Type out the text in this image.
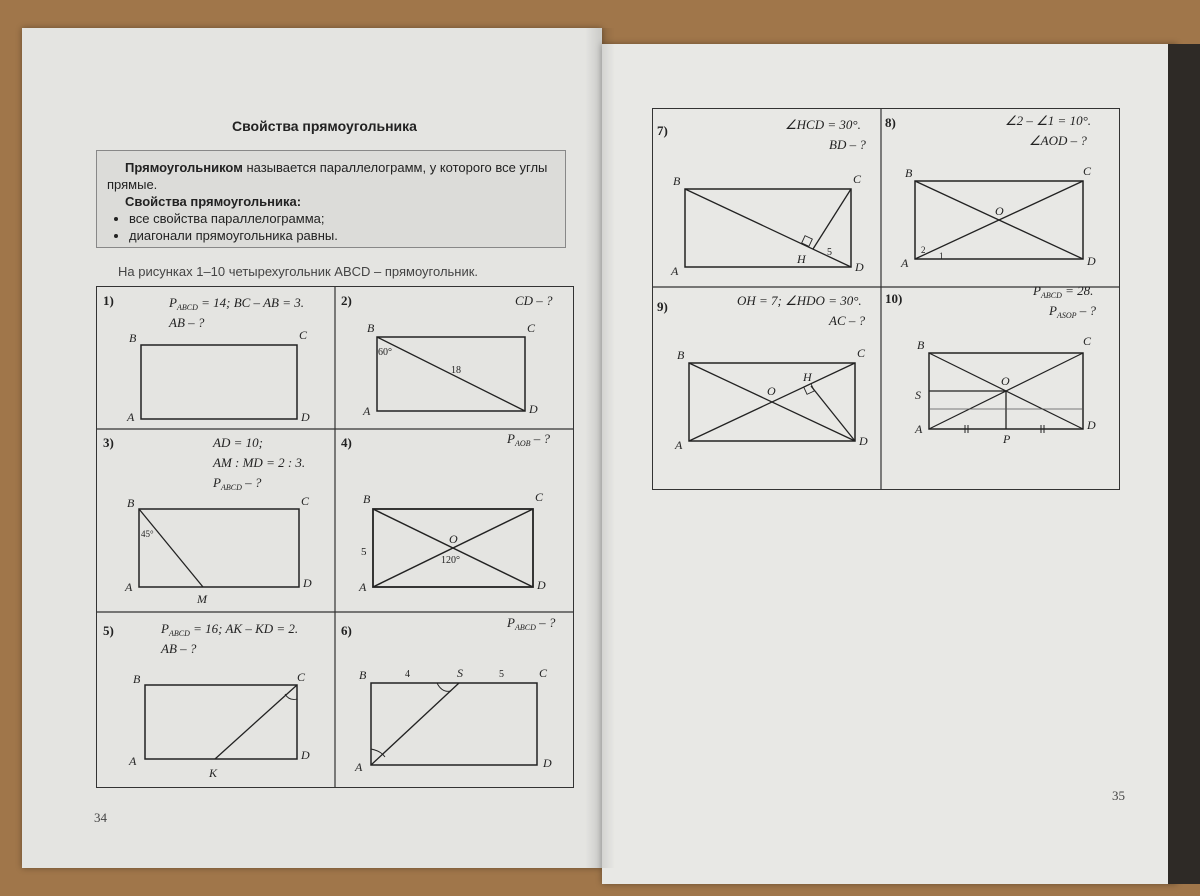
Свойства прямоугольника
Прямоугольником называется параллелограмм, у которого все углы прямые.
Свойства прямоугольника:
• все свойства параллелограмма;
• диагонали прямоугольника равны.
На рисунках 1–10 четырехугольник ABCD – прямоугольник.
34
35
1)	$P_{ABCD} = 14$; BC – AB = 3.
AB – ?
B	C
A	D
2)	CD – ?
60°
18
B	C
A	D
3)	AD = 10;
AM : MD = 2 : 3.
$P_{ABCD}$ – ?
45°
B	C
A	D
M
4)	$P_{AOB}$ – ?
O
120°
5
B	C
A	D
5)	$P_{ABCD} = 16$; AK – KD = 2.
AB – ?
B	C
A	D
K
6)
$P_{ABCD}$ – ?
4	5
B	S	C
A	D
7)	∠HCD = 30°.
BD – ?
5
B	C
A	D
H
8)	∠2 – ∠1 = 10°.
∠AOD – ?
O
2
1
B	C
A	D
9)	OH = 7; ∠HDO = 30°.
AC – ?
O
H
B	C
A	D
10)
$P_{ABCD} = 28$.
$P_{ASOP}$ – ?
O
S
P
B	C
A	D
